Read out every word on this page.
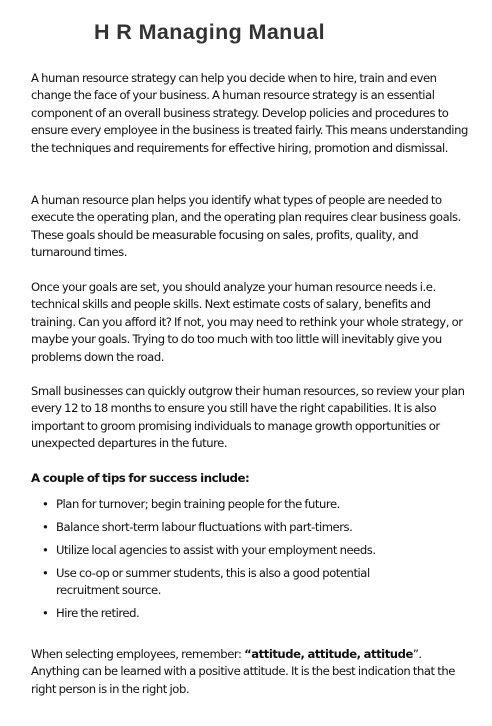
H R Managing Manual

A human resource strategy can help you decide when to hire, train and even change the face of your business. A human resource strategy is an essential component of an overall business strategy. Develop policies and procedures to ensure every employee in the business is treated fairly. This means understanding the techniques and requirements for effective hiring, promotion and dismissal.

A human resource plan helps you identify what types of people are needed to execute the operating plan, and the operating plan requires clear business goals. These goals should be measurable focusing on sales, profits, quality, and turnaround times.

Once your goals are set, you should analyze your human resource needs i.e. technical skills and people skills. Next estimate costs of salary, benefits and training. Can you afford it? If not, you may need to rethink your whole strategy, or maybe your goals. Trying to do too much with too little will inevitably give you problems down the road.

Small businesses can quickly outgrow their human resources, so review your plan every 12 to 18 months to ensure you still have the right capabilities. It is also important to groom promising individuals to manage growth opportunities or unexpected departures in the future.

A couple of tips for success include:

• Plan for turnover; begin training people for the future.
• Balance short-term labour fluctuations with part-timers.
• Utilize local agencies to assist with your employment needs.
• Use co-op or summer students, this is also a good potential recruitment source.
• Hire the retired.

When selecting employees, remember: “attitude, attitude, attitude”. Anything can be learned with a positive attitude. It is the best indication that the right person is in the right job.
